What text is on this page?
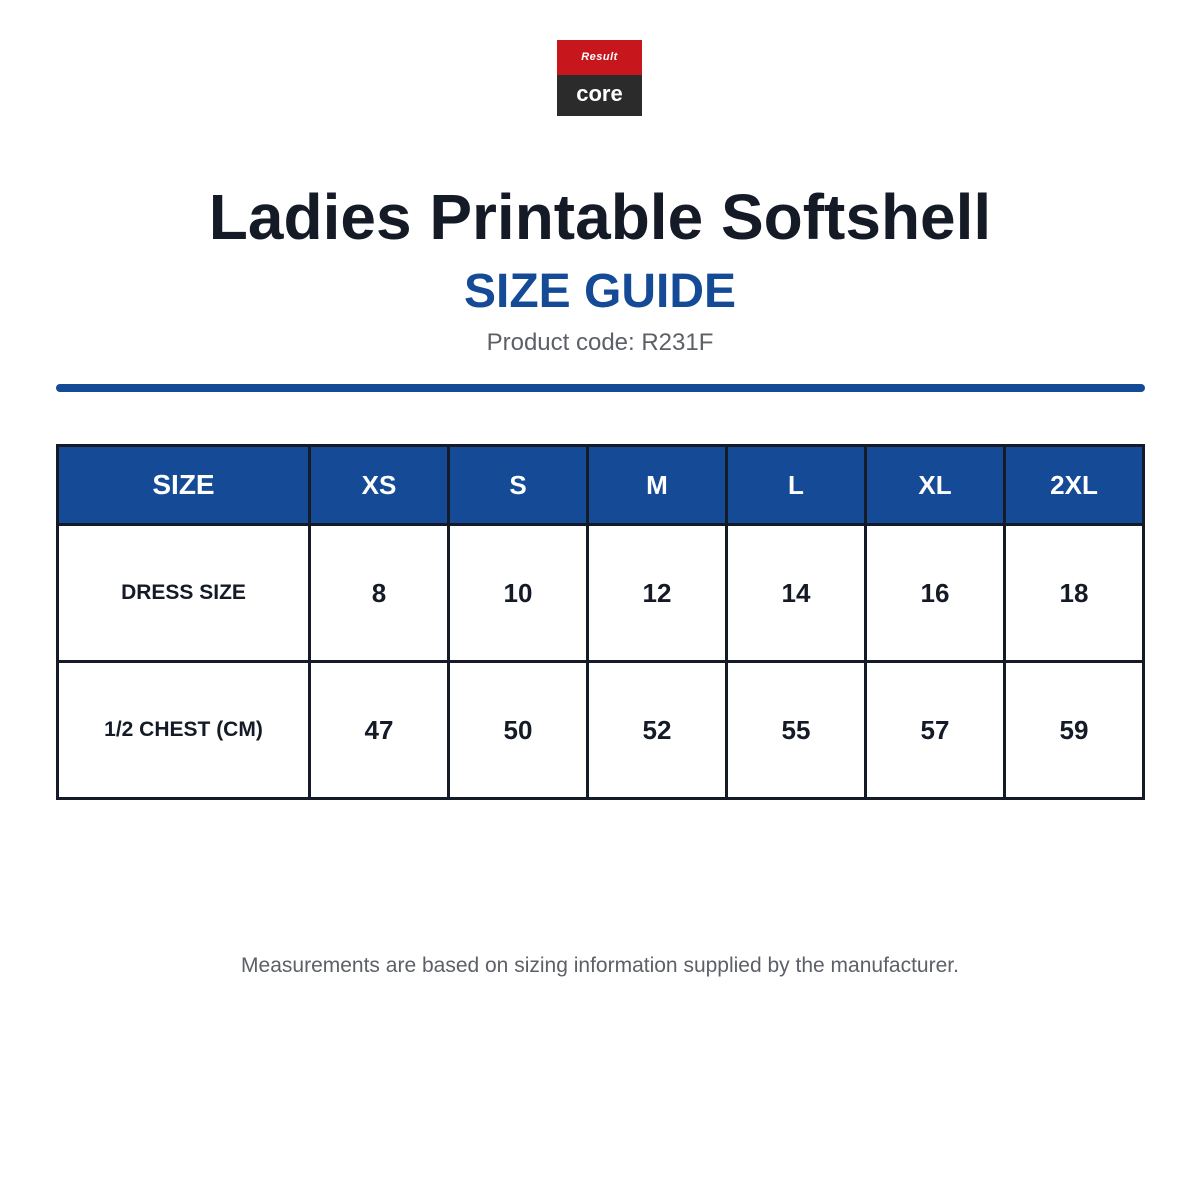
Result
core
Ladies Printable Softshell
SIZE GUIDE
Product code: R231F
SIZE	XS	S	M	L	XL	2XL
DRESS SIZE	8	10	12	14	16	18
1/2 CHEST (CM)	47	50	52	55	57	59
Measurements are based on sizing information supplied by the manufacturer.
